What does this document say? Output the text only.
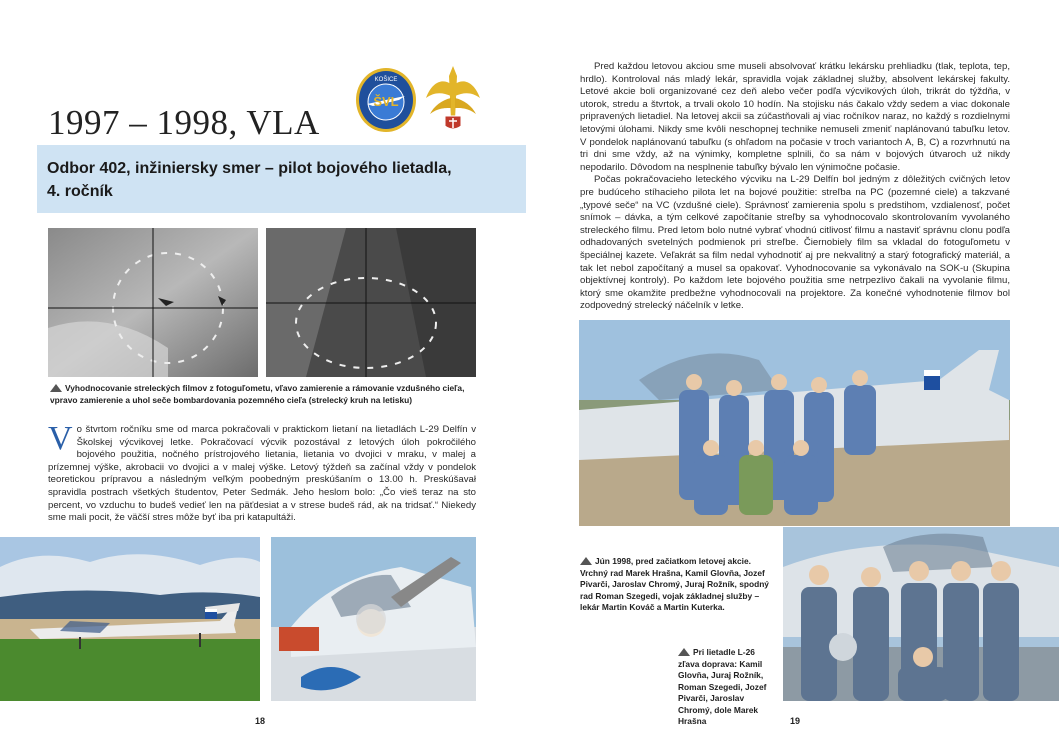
1997 – 1998, VLA
KOŠICE
ŠVL
Odbor 402, inžiniersky smer – pilot bojového lietadla,
4. ročník
Vyhodnocovanie streleckých filmov z fotoguľometu, vľavo zamierenie a rámovanie vzdušného cieľa, vpravo zamierenie a uhol seče bombardovania pozemného cieľa (strelecký kruh na letisku)
Vo štvrtom ročníku sme od marca pokračovali v praktickom lietaní na lietadlách L-29 Delfín v Školskej výcvikovej letke. Pokračovací výcvik pozostával z letových úloh pokročilého bojového použitia, nočného prístrojového lietania, lietania vo dvojici v mraku, v malej a prízemnej výške, akrobacii vo dvojici a v malej výške. Letový týždeň sa začínal vždy v pondelok teoretickou prípravou a následným veľkým poobedným preskúšaním o 13.00 h. Preskúšavał spravidla postrach všetkých študentov, Peter Sedmák. Jeho heslom bolo: „Čo vieš teraz na sto percent, vo vzduchu to budeš vedieť len na päťdesiat a v strese budeš rád, ak na tridsať.“ Niekedy sme mali pocit, že väčší stres môže byť iba pri katapultáži.
18

Pred každou letovou akciou sme museli absolvovať krátku lekársku prehliadku (tlak, teplota, tep, hrdlo). Kontroloval nás mladý lekár, spravidla vojak základnej služby, absolvent lekárskej fakulty. Letové akcie boli organizované cez deň alebo večer podľa výcvikových úloh, trikrát do týždňa, v utorok, stredu a štvrtok, a trvali okolo 10 hodín. Na stojisku nás čakalo vždy sedem a viac dokonale pripravených lietadiel. Na letovej akcii sa zúčastňovali aj viac ročníkov naraz, no každý s rozdielnymi letovými úlohami. Nikdy sme kvôli neschopnej technike nemuseli zmeniť naplánovanú tabuľku letov. V pondelok naplánovanú tabuľku (s ohľadom na počasie v troch variantoch A, B, C) a rozvrhnutú na tri dni sme vždy, až na výnimky, kompletne splnili, čo sa nám v bojových útvaroch už nikdy nepodarilo. Dôvodom na nesplnenie tabuľky bývalo len výnimočne počasie.

Počas pokračovacieho leteckého výcviku na L-29 Delfín bol jedným z dôležitých cvičných letov pre budúceho stíhacieho pilota let na bojové použitie: streľba na PC (pozemné ciele) a takzvané „typové seče“ na VC (vzdušné ciele). Správnosť zamierenia spolu s predstihom, vzdialenosť, počet snímok – dávka, a tým celkové započítanie streľby sa vyhodnocovalo skontrolovaním vyvolaného streleckého filmu. Pred letom bolo nutné vybrať vhodnú citlivosť filmu a nastaviť správnu clonu podľa odhadovaných svetelných podmienok pri streľbe. Čiernobiely film sa vkladal do fotoguľometu v špeciálnej kazete. Veľakrát sa film nedal vyhodnotiť aj pre nekvalitný a starý fotografický materiál, a tak let nebol započítaný a musel sa opakovať. Vyhodnocovanie sa vykonávalo na SOK-u (Skupina objektívnej kontroly). Po každom lete bojového použitia sme netrpezlivo čakali na vyvolanie filmu, ktorý sme okamžite predbežne vyhodnocovali na projektore. Za konečné vyhodnotenie filmov bol zodpovedný strelecký náčelník v letke.

Jún 1998, pred začiatkom letovej akcie. Vrchný rad Marek Hrašna, Kamil Glovňa, Jozef Pivarči, Jaroslav Chromý, Juraj Rožník, spodný rad Roman Szegedi, vojak základnej služby – lekár Martin Kováč a Martin Kuterka.
Pri lietadle L-26 zľava doprava: Kamil Glovňa, Juraj Rožník, Roman Szegedi, Jozef Pivarči, Jaroslav Chromý, dole Marek Hrašna	19
